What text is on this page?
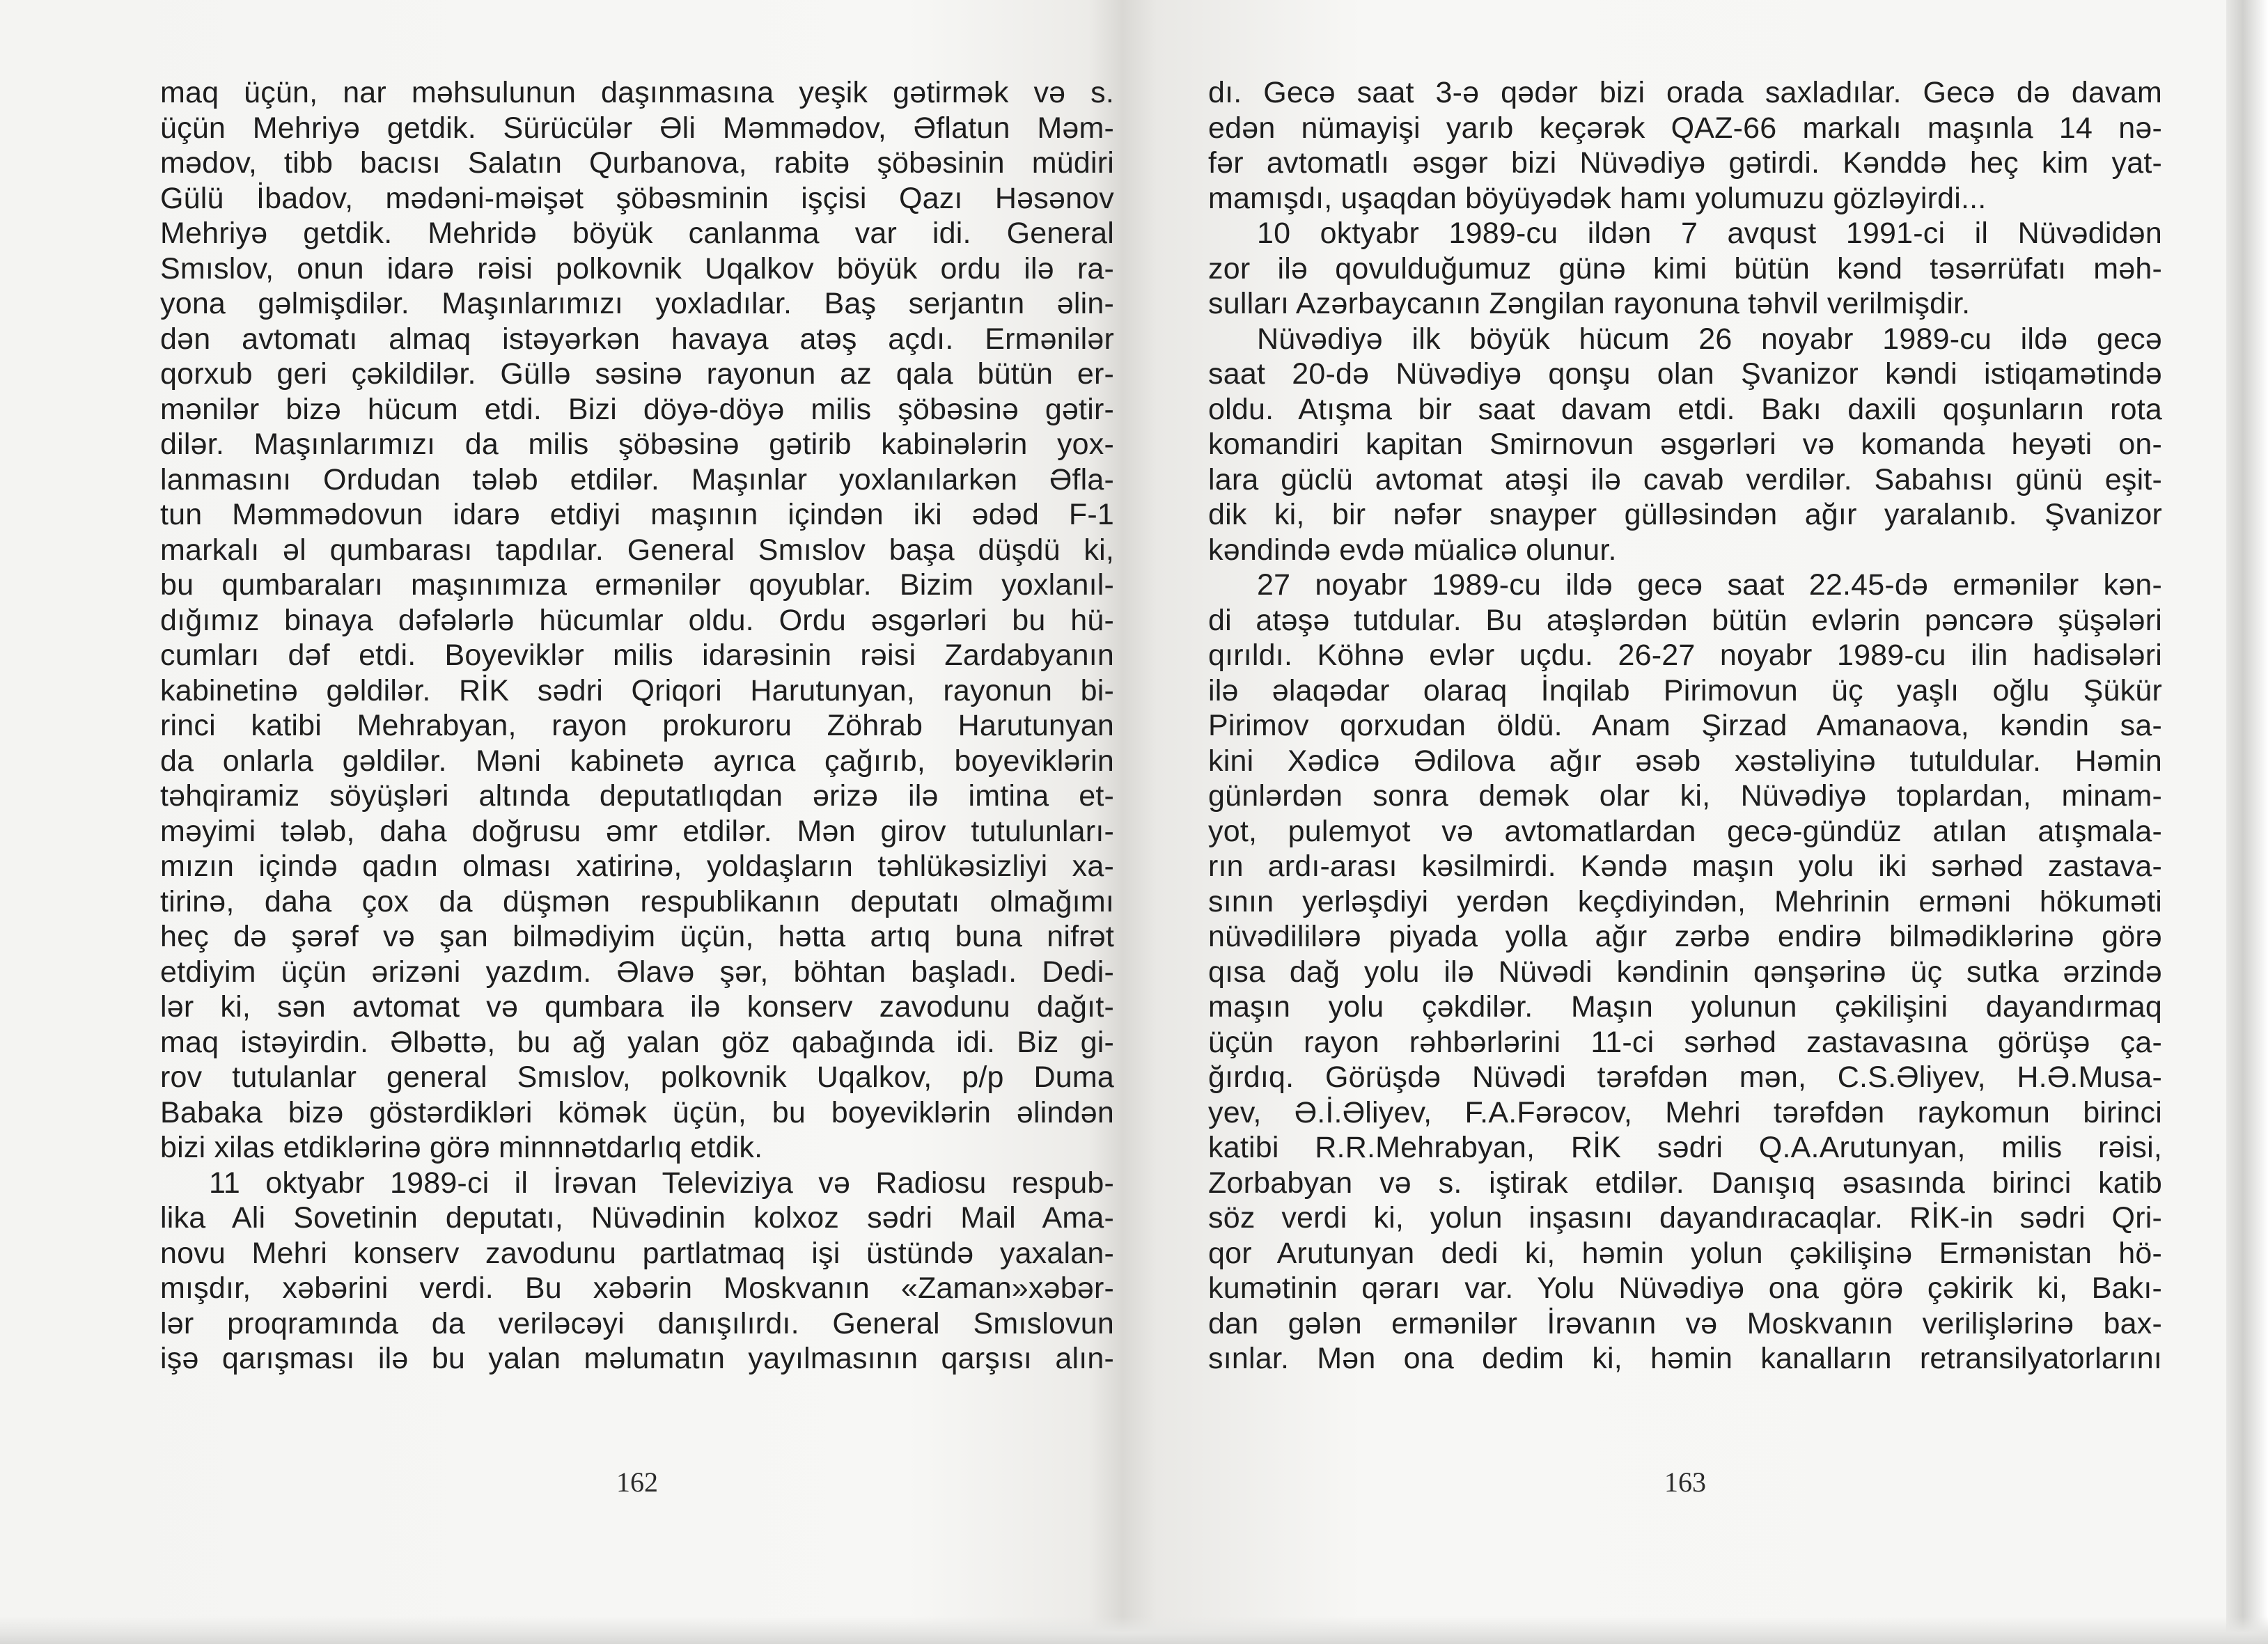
maq üçün, nar məhsulunun daşınmasına yeşik gətirmək və s.
üçün Mehriyə getdik. Sürücülər Əli Məmmədov, Əflatun Məm-
mədov, tibb bacısı Salatın Qurbanova, rabitə şöbəsinin müdiri
Gülü İbadov, mədəni-məişət şöbəsminin işçisi Qazı Həsənov
Mehriyə getdik. Mehridə böyük canlanma var idi. General
Smıslov, onun idarə rəisi polkovnik Uqalkov böyük ordu ilə ra-
yona gəlmişdilər. Maşınlarımızı yoxladılar. Baş serjantın əlin-
dən avtomatı almaq istəyərkən havaya atəş açdı. Ermənilər
qorxub geri çəkildilər. Güllə səsinə rayonun az qala bütün er-
mənilər bizə hücum etdi. Bizi döyə-döyə milis şöbəsinə gətir-
dilər. Maşınlarımızı da milis şöbəsinə gətirib kabinələrin yox-
lanmasını Ordudan tələb etdilər. Maşınlar yoxlanılarkən Əfla-
tun Məmmədovun idarə etdiyi maşının içindən iki ədəd F-1
markalı əl qumbarası tapdılar. General Smıslov başa düşdü ki,
bu qumbaraları maşınımıza ermənilər qoyublar. Bizim yoxlanıl-
dığımız binaya dəfələrlə hücumlar oldu. Ordu əsgərləri bu hü-
cumları dəf etdi. Boyeviklər milis idarəsinin rəisi Zardabyanın
kabinetinə gəldilər. RİK sədri Qriqori Harutunyan, rayonun bi-
rinci katibi Mehrabyan, rayon prokuroru Zöhrab Harutunyan
da onlarla gəldilər. Məni kabinetə ayrıca çağırıb, boyeviklərin
təhqiramiz söyüşləri altında deputatlıqdan ərizə ilə imtina et-
məyimi tələb, daha doğrusu əmr etdilər. Mən girov tutulunları-
mızın içində qadın olması xatirinə, yoldaşların təhlükəsizliyi xa-
tirinə, daha çox da düşmən respublikanın deputatı olmağımı
heç də şərəf və şan bilmədiyim üçün, hətta artıq buna nifrət
etdiyim üçün ərizəni yazdım. Əlavə şər, böhtan başladı. Dedi-
lər ki, sən avtomat və qumbara ilə konserv zavodunu dağıt-
maq istəyirdin. Əlbəttə, bu ağ yalan göz qabağında idi. Biz gi-
rov tutulanlar general Smıslov, polkovnik Uqalkov, p/p Duma
Babaka bizə göstərdikləri kömək üçün, bu boyeviklərin əlindən
bizi xilas etdiklərinə görə minnnətdarlıq etdik.
11 oktyabr 1989-ci il İrəvan Televiziya və Radiosu respub-
lika Ali Sovetinin deputatı, Nüvədinin kolxoz sədri Mail Ama-
novu Mehri konserv zavodunu partlatmaq işi üstündə yaxalan-
mışdır, xəbərini verdi. Bu xəbərin Moskvanın «Zaman»xəbər-
lər proqramında da veriləcəyi danışılırdı. General Smıslovun
işə qarışması ilə bu yalan məlumatın yayılmasının qarşısı alın-
162
dı. Gecə saat 3-ə qədər bizi orada saxladılar. Gecə də davam
edən nümayişi yarıb keçərək QAZ-66 markalı maşınla 14 nə-
fər avtomatlı əsgər bizi Nüvədiyə gətirdi. Kənddə heç kim yat-
mamışdı, uşaqdan böyüyədək hamı yolumuzu gözləyirdi...
10 oktyabr 1989-cu ildən 7 avqust 1991-ci il Nüvədidən
zor ilə qovulduğumuz günə kimi bütün kənd təsərrüfatı məh-
sulları Azərbaycanın Zəngilan rayonuna təhvil verilmişdir.
Nüvədiyə ilk böyük hücum 26 noyabr 1989-cu ildə gecə
saat 20-də Nüvədiyə qonşu olan Şvanizor kəndi istiqamətində
oldu. Atışma bir saat davam etdi. Bakı daxili qoşunların rota
komandiri kapitan Smirnovun əsgərləri və komanda heyəti on-
lara güclü avtomat atəşi ilə cavab verdilər. Sabahısı günü eşit-
dik ki, bir nəfər snayper gülləsindən ağır yaralanıb. Şvanizor
kəndində evdə müalicə olunur.
27 noyabr 1989-cu ildə gecə saat 22.45-də ermənilər kən-
di atəşə tutdular. Bu atəşlərdən bütün evlərin pəncərə şüşələri
qırıldı. Köhnə evlər uçdu. 26-27 noyabr 1989-cu ilin hadisələri
ilə əlaqədar olaraq İnqilab Pirimovun üç yaşlı oğlu Şükür
Pirimov qorxudan öldü. Anam Şirzad Amanaova, kəndin sa-
kini Xədicə Ədilova ağır əsəb xəstəliyinə tutuldular. Həmin
günlərdən sonra demək olar ki, Nüvədiyə toplardan, minam-
yot, pulemyot və avtomatlardan gecə-gündüz atılan atışmala-
rın ardı-arası kəsilmirdi. Kəndə maşın yolu iki sərhəd zastava-
sının yerləşdiyi yerdən keçdiyindən, Mehrinin erməni hökuməti
nüvədililərə piyada yolla ağır zərbə endirə bilmədiklərinə görə
qısa dağ yolu ilə Nüvədi kəndinin qənşərinə üç sutka ərzində
maşın yolu çəkdilər. Maşın yolunun çəkilişini dayandırmaq
üçün rayon rəhbərlərini 11-ci sərhəd zastavasına görüşə ça-
ğırdıq. Görüşdə Nüvədi tərəfdən mən, C.S.Əliyev, H.Ə.Musa-
yev, Ə.İ.Əliyev, F.A.Fərəcov, Mehri tərəfdən raykomun birinci
katibi R.R.Mehrabyan, RİK sədri Q.A.Arutunyan, milis rəisi,
Zorbabyan və s. iştirak etdilər. Danışıq əsasında birinci katib
söz verdi ki, yolun inşasını dayandıracaqlar. RİK-in sədri Qri-
qor Arutunyan dedi ki, həmin yolun çəkilişinə Ermənistan hö-
kumətinin qərarı var. Yolu Nüvədiyə ona görə çəkirik ki, Bakı-
dan gələn ermənilər İrəvanın və Moskvanın verilişlərinə bax-
sınlar. Mən ona dedim ki, həmin kanalların retransilyatorlarını
163
